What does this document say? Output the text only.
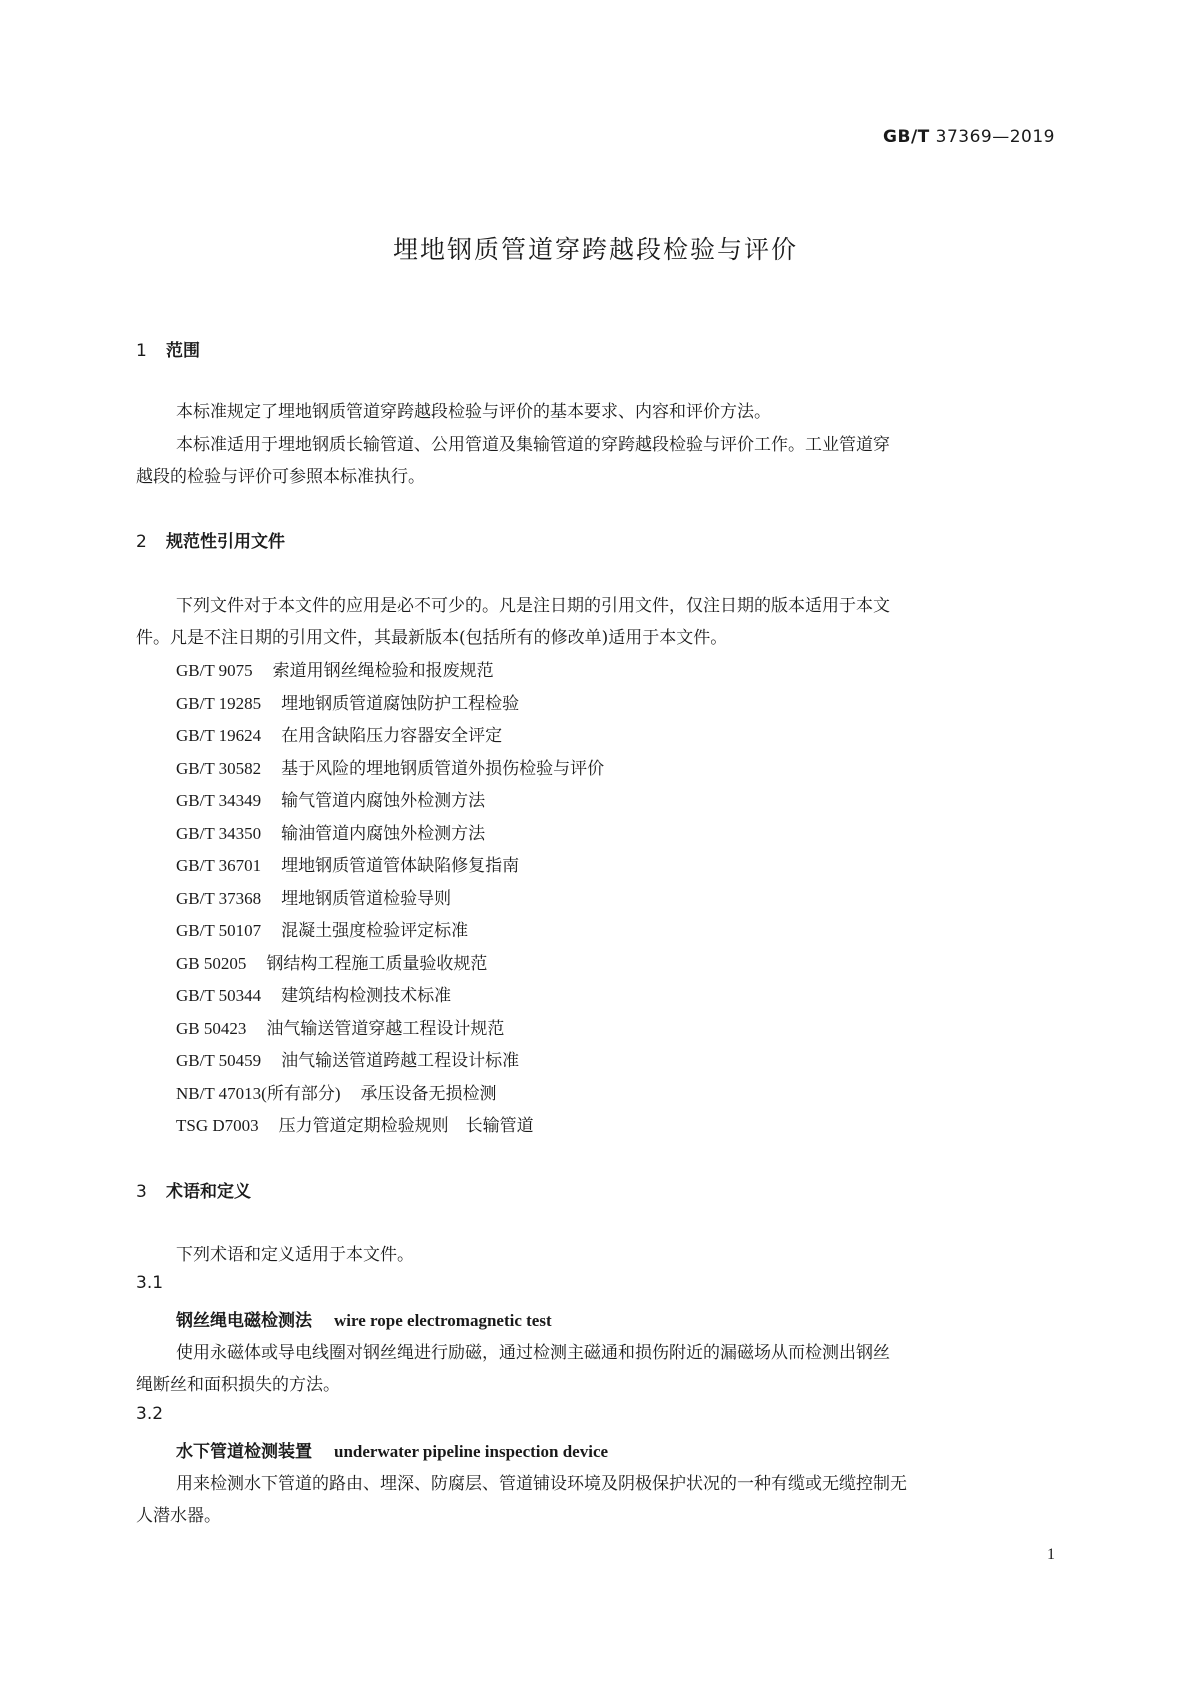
GB/T 37369—2019
埋地钢质管道穿跨越段检验与评价
1 范围
本标准规定了埋地钢质管道穿跨越段检验与评价的基本要求、内容和评价方法。
本标准适用于埋地钢质长输管道、公用管道及集输管道的穿跨越段检验与评价工作。工业管道穿
越段的检验与评价可参照本标准执行。
2 规范性引用文件
下列文件对于本文件的应用是必不可少的。凡是注日期的引用文件，仅注日期的版本适用于本文
件。凡是不注日期的引用文件，其最新版本(包括所有的修改单)适用于本文件。
GB/T 9075 索道用钢丝绳检验和报废规范
GB/T 19285 埋地钢质管道腐蚀防护工程检验
GB/T 19624 在用含缺陷压力容器安全评定
GB/T 30582 基于风险的埋地钢质管道外损伤检验与评价
GB/T 34349 输气管道内腐蚀外检测方法
GB/T 34350 输油管道内腐蚀外检测方法
GB/T 36701 埋地钢质管道管体缺陷修复指南
GB/T 37368 埋地钢质管道检验导则
GB/T 50107 混凝土强度检验评定标准
GB 50205 钢结构工程施工质量验收规范
GB/T 50344 建筑结构检测技术标准
GB 50423 油气输送管道穿越工程设计规范
GB/T 50459 油气输送管道跨越工程设计标准
NB/T 47013(所有部分) 承压设备无损检测
TSG D7003 压力管道定期检验规则　长输管道
3 术语和定义
下列术语和定义适用于本文件。
3.1
钢丝绳电磁检测法 wire rope electromagnetic test
使用永磁体或导电线圈对钢丝绳进行励磁，通过检测主磁通和损伤附近的漏磁场从而检测出钢丝
绳断丝和面积损失的方法。
3.2
水下管道检测装置 underwater pipeline inspection device
用来检测水下管道的路由、埋深、防腐层、管道铺设环境及阴极保护状况的一种有缆或无缆控制无
人潜水器。
1
